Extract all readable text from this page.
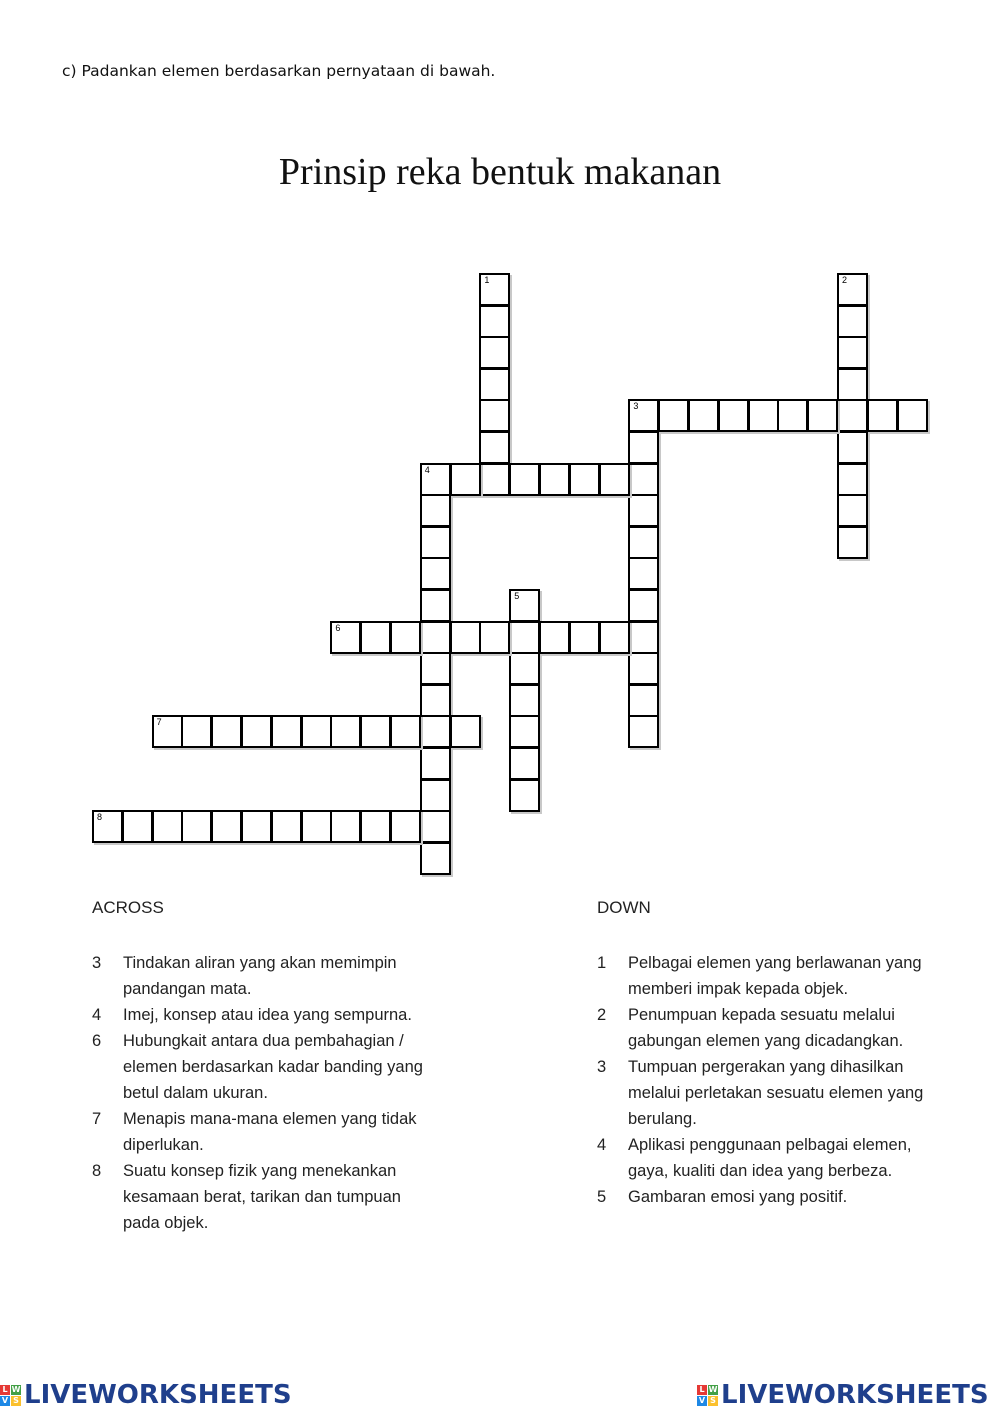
c) Padankan elemen berdasarkan pernyataan di bawah.
Prinsip reka bentuk makanan
1	2
3
4
5
6
7
8
ACROSS
3 Tindakan aliran yang akan memimpin pandangan mata.
4 Imej, konsep atau idea yang sempurna.
6 Hubungkait antara dua pembahagian / elemen berdasarkan kadar banding yang betul dalam ukuran.
7 Menapis mana-mana elemen yang tidak diperlukan.
8 Suatu konsep fizik yang menekankan kesamaan berat, tarikan dan tumpuan pada objek.
DOWN
1 Pelbagai elemen yang berlawanan yang memberi impak kepada objek.
2 Penumpuan kepada sesuatu melalui gabungan elemen yang dicadangkan.
3 Tumpuan pergerakan yang dihasilkan melalui perletakan sesuatu elemen yang berulang.
4 Aplikasi penggunaan pelbagai elemen, gaya, kualiti dan idea yang berbeza.
5 Gambaran emosi yang positif.
L W
V S LIVEWORKSHEETS	L W
V S LIVEWORKSHEETS
